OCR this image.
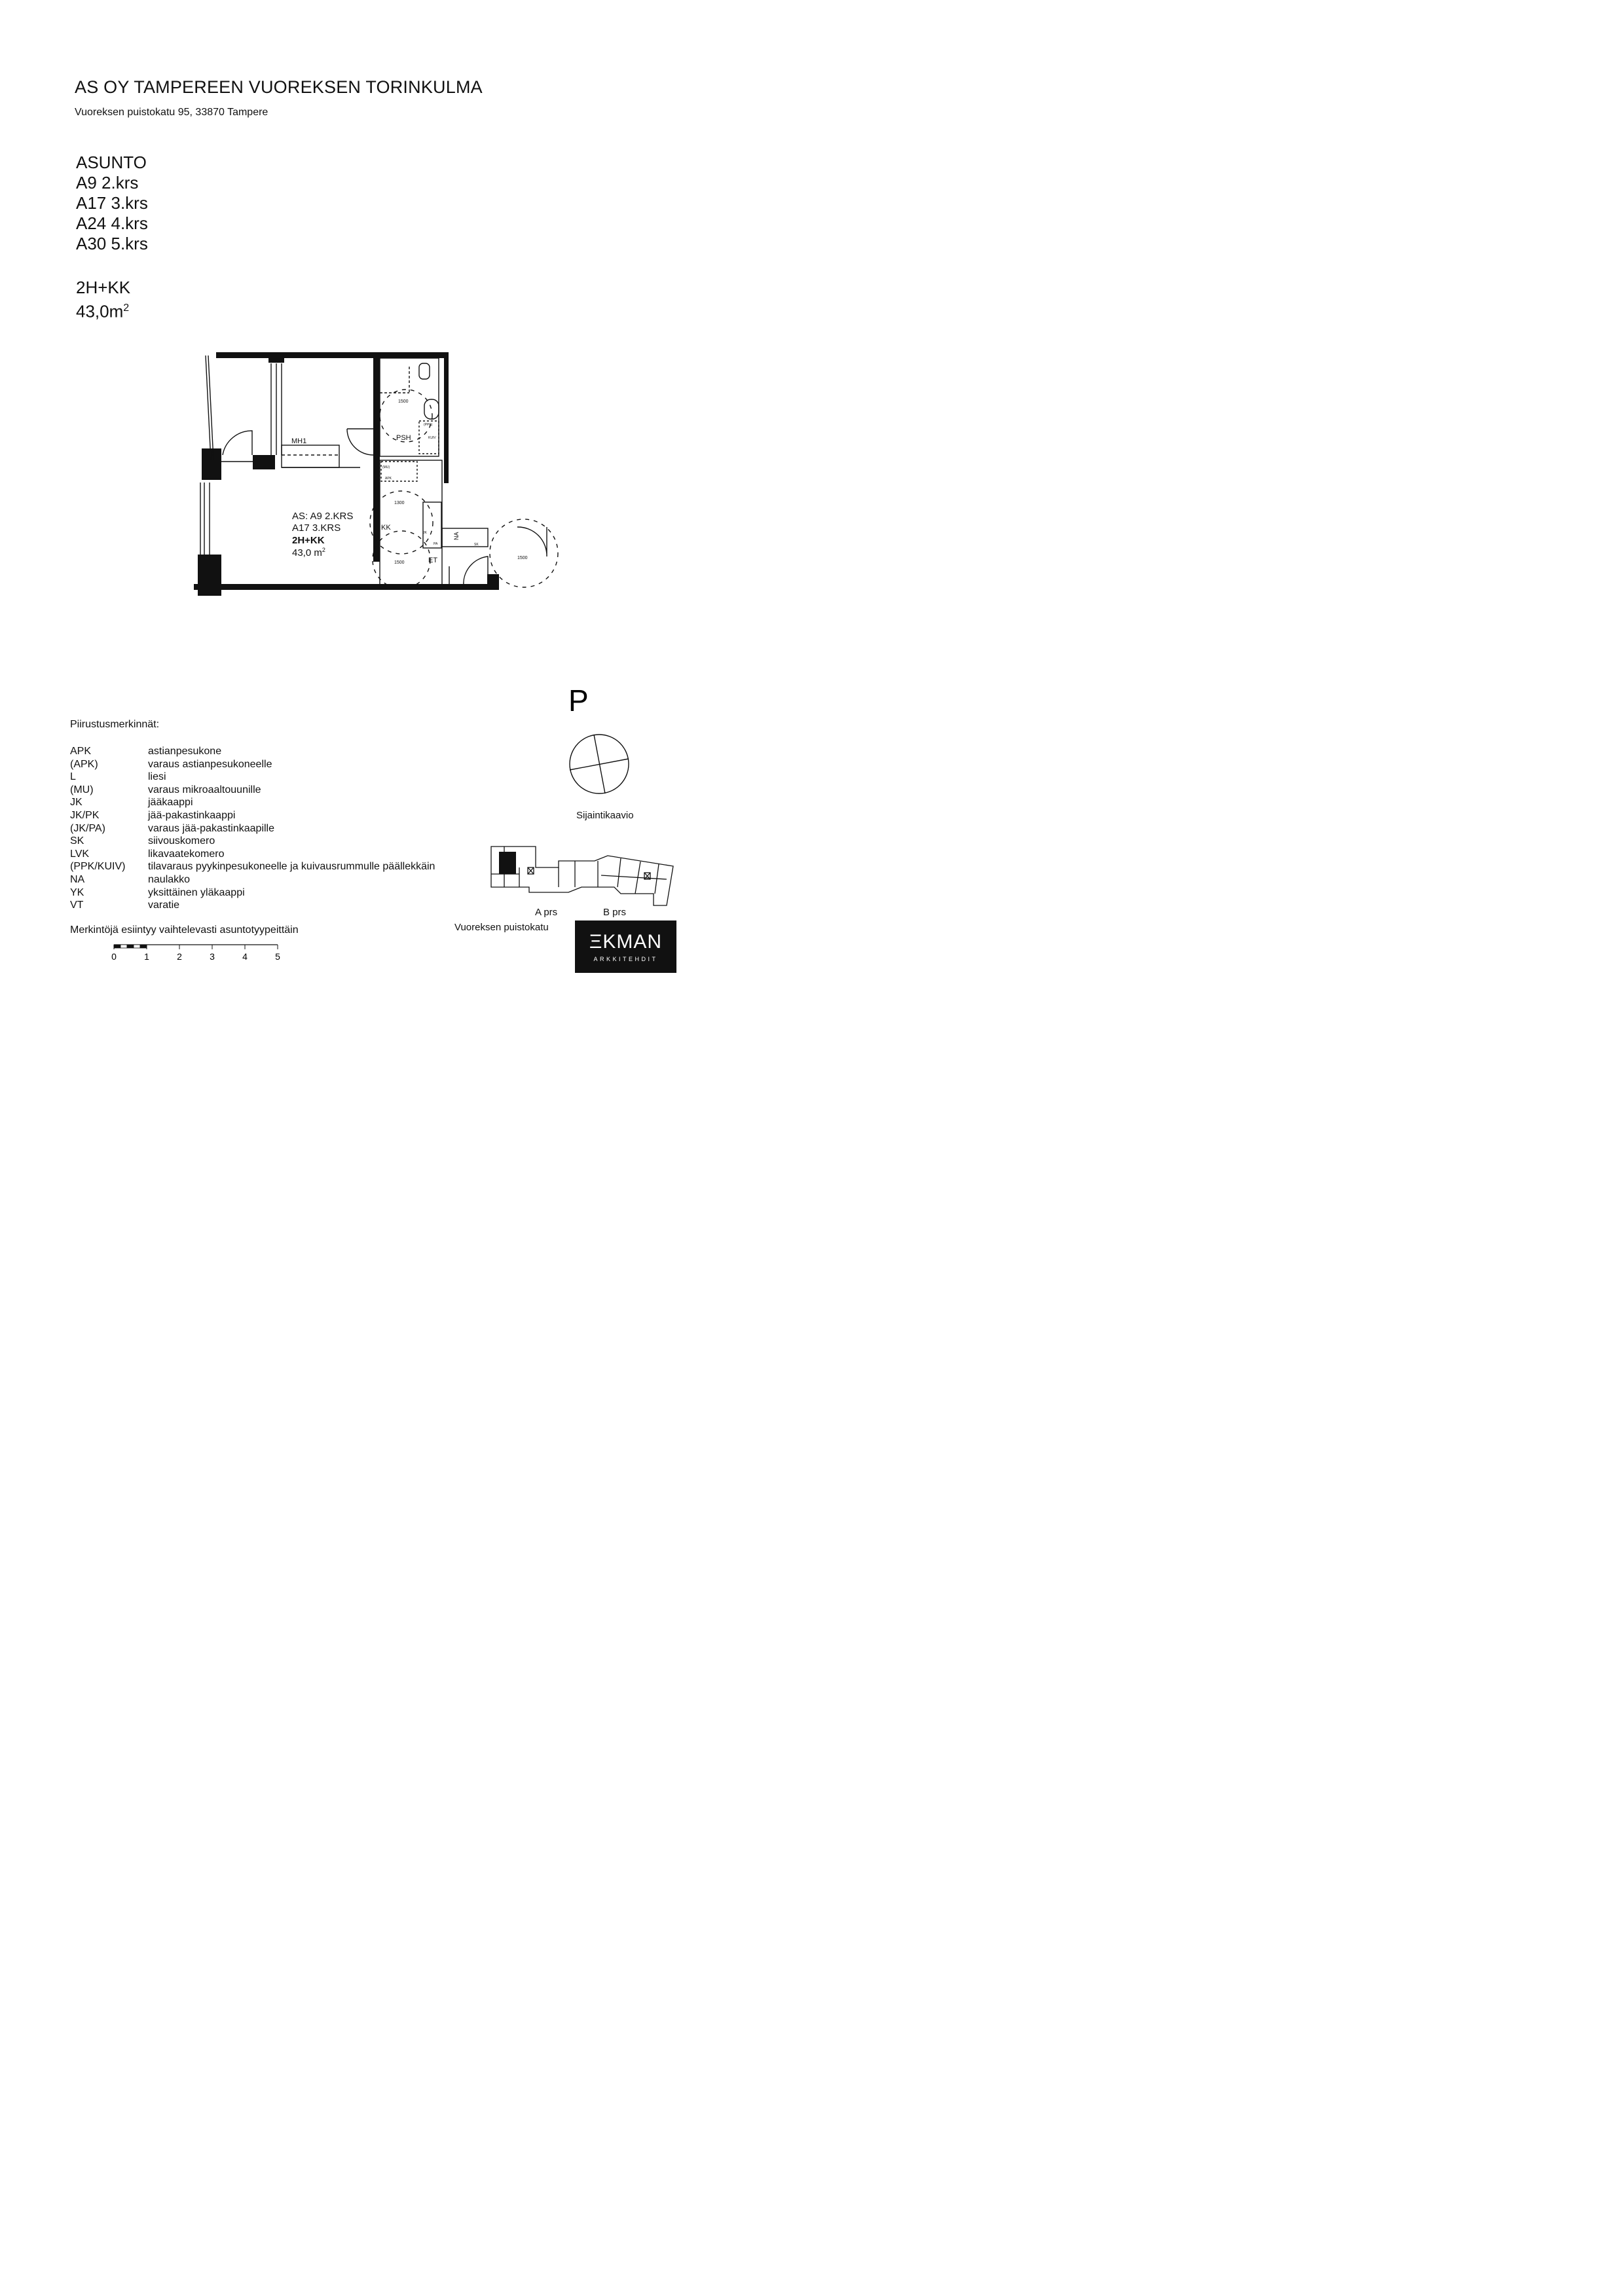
AS OY TAMPEREEN VUOREKSEN TORINKULMA
Vuoreksen puistokatu 95, 33870 Tampere
ASUNTO
A9 2.krs
A17 3.krs
A24 4.krs
A30 5.krs
2H+KK
$43,0m^2$
MH1	PSH
1500
(PPK)
KUIV
(MU)
APK
1300
KK
JK
PA
1500	ET
NA
SK
1500
AS: A9 2.KRS
A17 3.KRS
2H+KK
43,0 $m^2$
Piirustusmerkinnät:
APK	astianpesukone
(APK)	varaus astianpesukoneelle
L	liesi
(MU)	varaus mikroaaltouunille
JK	jääkaappi
JK/PK	jää-pakastinkaappi
(JK/PA)	varaus jää-pakastinkaapille
SK	siivouskomero
LVK	likavaatekomero
(PPK/KUIV)	tilavaraus pyykinpesukoneelle ja kuivausrummulle päällekkäin
NA	naulakko
YK	yksittäinen yläkaappi
VT	varatie
Merkintöjä esiintyy vaihtelevasti asuntotyypeittäin
0	1	2	3	4	5
P
Sijaintikaavio
A prs	B prs
Vuoreksen puistokatu
ΞKMAN
ARKKITEHDIT
